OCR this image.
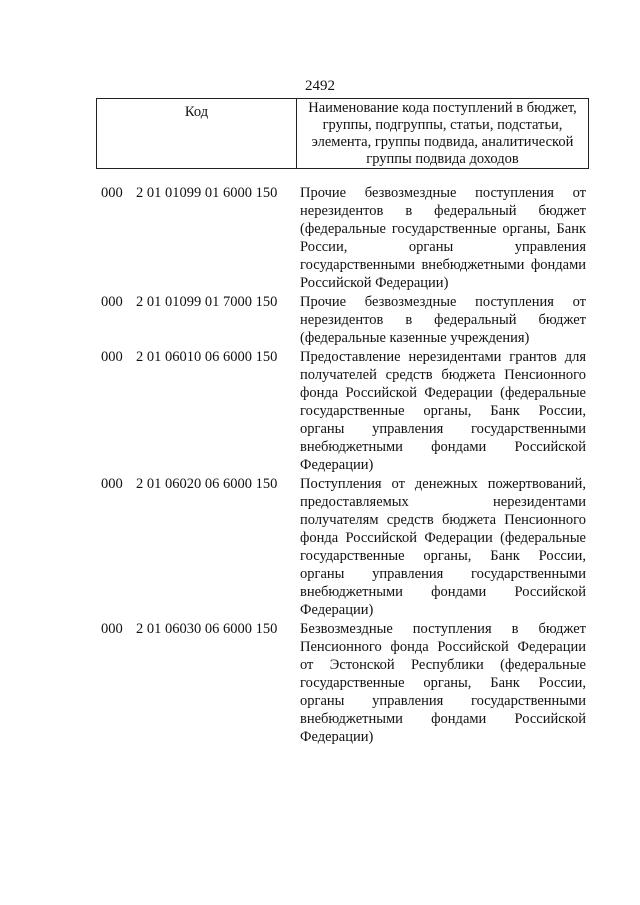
2492
Код	Наименование кода поступлений в бюджет, группы, подгруппы, статьи, подстатьи, элемента, группы подвида, аналитической группы подвида доходов
000 2 01 01099 01 6000 150	Прочие безвозмездные поступления от нерезидентов в федеральный бюджет (федеральные государственные органы, Банк России, органы управления государственными внебюджетными фондами Российской Федерации)
000 2 01 01099 01 7000 150	Прочие безвозмездные поступления от нерезидентов в федеральный бюджет (федеральные казенные учреждения)
000 2 01 06010 06 6000 150	Предоставление нерезидентами грантов для получателей средств бюджета Пенсионного фонда Российской Федерации (федеральные государственные органы, Банк России, органы управления государственными внебюджетными фондами Российской Федерации)
000 2 01 06020 06 6000 150	Поступления от денежных пожертвований, предоставляемых нерезидентами получателям средств бюджета Пенсионного фонда Российской Федерации (федеральные государственные органы, Банк России, органы управления государственными внебюджетными фондами Российской Федерации)
000 2 01 06030 06 6000 150	Безвозмездные поступления в бюджет Пенсионного фонда Российской Федерации от Эстонской Республики (федеральные государственные органы, Банк России, органы управления государственными внебюджетными фондами Российской Федерации)
